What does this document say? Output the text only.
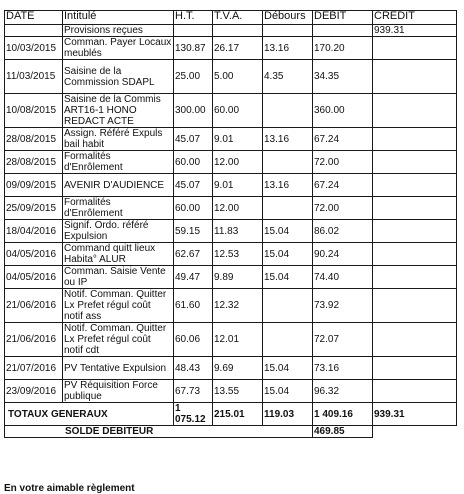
DATE	Intitulé	H.T.	T.V.A.	Débours	DEBIT	CREDIT
	Provisions reçues					939.31
10/03/2015	Comman. Payer Locaux meublés	130.87	26.17	13.16	170.20	
11/03/2015	Saisine de la Commission SDAPL	25.00	5.00	4.35	34.35	
10/08/2015	Saisine de la Commis ART16-1 HONO REDACT ACTE	300.00	60.00		360.00	
28/08/2015	Assign. Référé Expuls bail habit	45.07	9.01	13.16	67.24	
28/08/2015	Formalités d'Enrôlement	60.00	12.00		72.00	
09/09/2015	AVENIR D'AUDIENCE	45.07	9.01	13.16	67.24	
25/09/2015	Formalités d'Enrôlement	60.00	12.00		72.00	
18/04/2016	Signif. Ordo. référé Expulsion	59.15	11.83	15.04	86.02	
04/05/2016	Command quitt lieux Habita° ALUR	62.67	12.53	15.04	90.24	
04/05/2016	Comman. Saisie Vente ou IP	49.47	9.89	15.04	74.40	
21/06/2016	Notif. Comman. Quitter Lx Prefet régul coût notif ass	61.60	12.32		73.92	
21/06/2016	Notif. Comman. Quitter Lx Prefet régul coût notif cdt	60.06	12.01		72.07	
21/07/2016	PV Tentative Expulsion	48.43	9.69	15.04	73.16	
23/09/2016	PV Réquisition Force publique	67.73	13.55	15.04	96.32	
TOTAUX GENERAUX		1 075.12	215.01	119.03	1 409.16	939.31
SOLDE DEBITEUR					469.85	
En votre aimable règlement
